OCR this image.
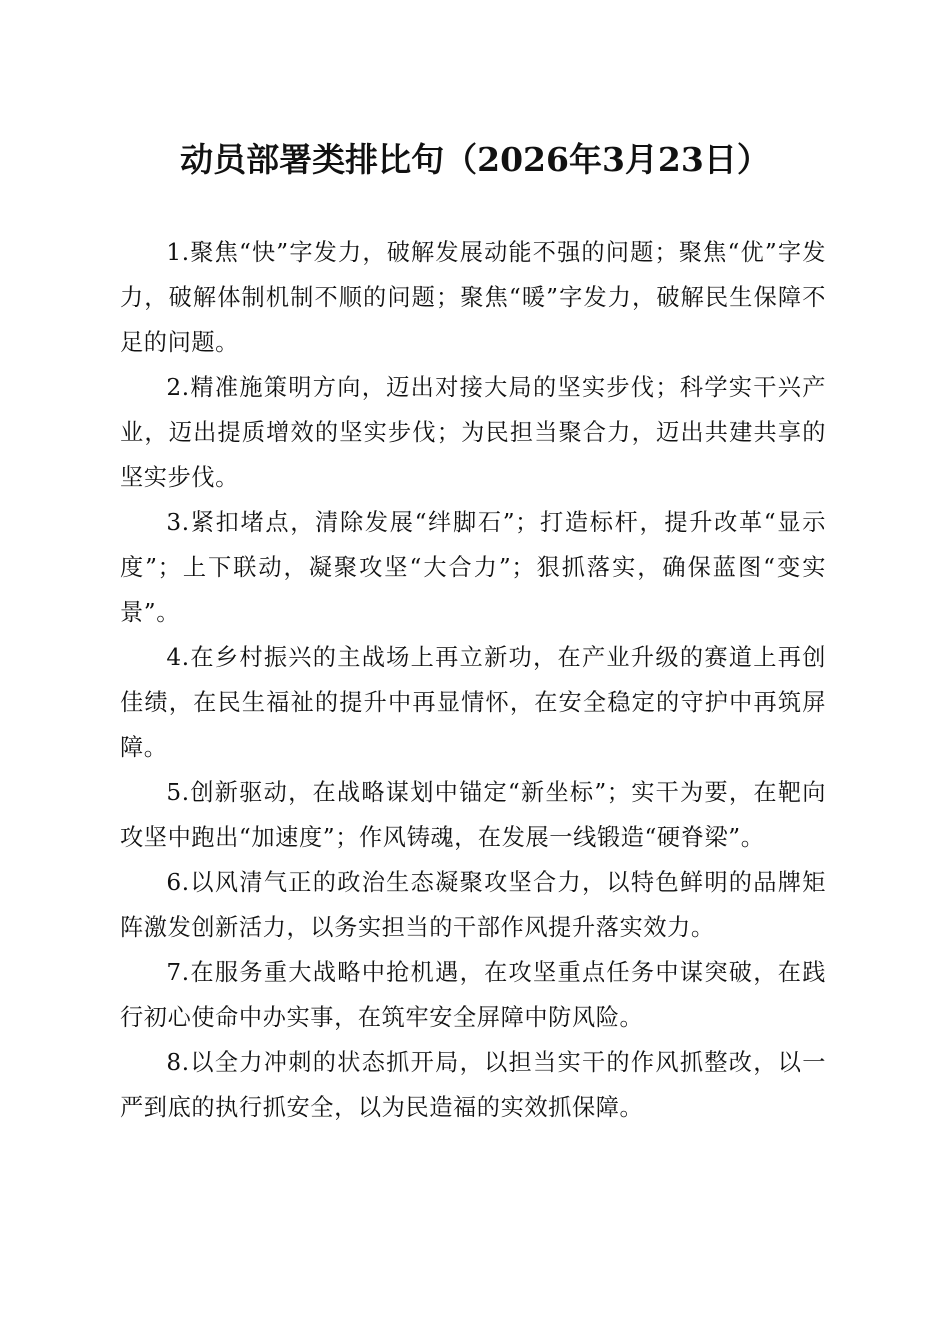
动员部署类排比句（2026年3月23日）

1.聚焦“快”字发力，破解发展动能不强的问题；聚焦“优”字发力，破解体制机制不顺的问题；聚焦“暖”字发力，破解民生保障不足的问题。

2.精准施策明方向，迈出对接大局的坚实步伐；科学实干兴产业，迈出提质增效的坚实步伐；为民担当聚合力，迈出共建共享的坚实步伐。

3.紧扣堵点，清除发展“绊脚石”；打造标杆，提升改革“显示度”；上下联动，凝聚攻坚“大合力”；狠抓落实，确保蓝图“变实景”。

4.在乡村振兴的主战场上再立新功，在产业升级的赛道上再创佳绩，在民生福祉的提升中再显情怀，在安全稳定的守护中再筑屏障。

5.创新驱动，在战略谋划中锚定“新坐标”；实干为要，在靶向攻坚中跑出“加速度”；作风铸魂，在发展一线锻造“硬脊梁”。

6.以风清气正的政治生态凝聚攻坚合力，以特色鲜明的品牌矩阵激发创新活力，以务实担当的干部作风提升落实效力。

7.在服务重大战略中抢机遇，在攻坚重点任务中谋突破，在践行初心使命中办实事，在筑牢安全屏障中防风险。

8.以全力冲刺的状态抓开局，以担当实干的作风抓整改，以一严到底的执行抓安全，以为民造福的实效抓保障。
